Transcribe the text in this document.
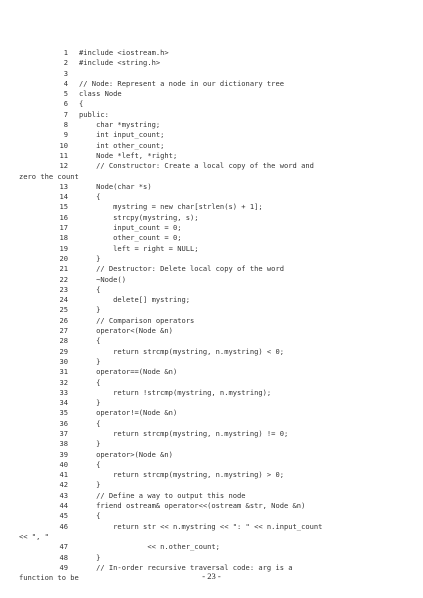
1 #include <iostream.h>
2 #include <string.h>
3
4 // Node: Represent a node in our dictionary tree
5 class Node
6 {
7 public:
8 char *mystring;
9 int input_count;
10 int other_count;
11 Node *left, *right;
12 // Constructor: Create a local copy of the word and
zero the count
13 Node(char *s)
14 {
15 mystring = new char[strlen(s) + 1];
16 strcpy(mystring, s);
17 input_count = 0;
18 other_count = 0;
19 left = right = NULL;
20 }
21 // Destructor: Delete local copy of the word
22 ~Node()
23 {
24 delete[] mystring;
25 }
26 // Comparison operators
27 operator<(Node &n)
28 {
29 return strcmp(mystring, n.mystring) < 0;
30 }
31 operator==(Node &n)
32 {
33 return !strcmp(mystring, n.mystring);
34 }
35 operator!=(Node &n)
36 {
37 return strcmp(mystring, n.mystring) != 0;
38 }
39 operator>(Node &n)
40 {
41 return strcmp(mystring, n.mystring) > 0;
42 }
43 // Define a way to output this node
44 friend ostream& operator<<(ostream &str, Node &n)
45 {
46 return str << n.mystring << ": " << n.input_count
<< ", "
47 << n.other_count;
48 }
49 // In-order recursive traversal code: arg is a
function to be	- 23 -
